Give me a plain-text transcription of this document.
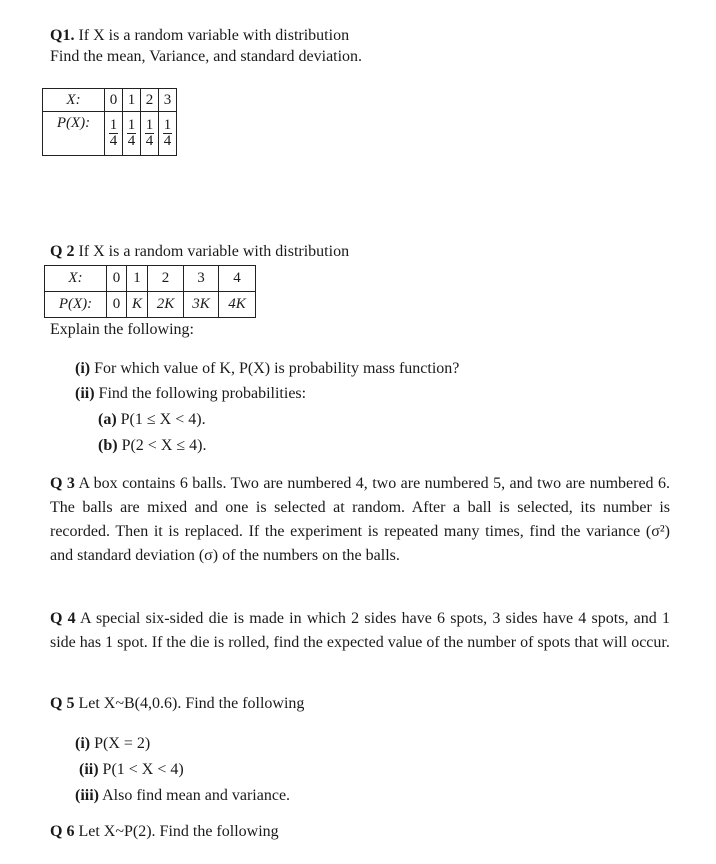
Q1. If X is a random variable with distribution
Find the mean, Variance, and standard deviation.
X:	0	1	2	3
P(X):	$\frac{1}{4}$	$\frac{1}{4}$	$\frac{1}{4}$	$\frac{1}{4}$
Q 2 If X is a random variable with distribution
X:	0	1	2	3	4
P(X):	0	K	2K	3K	4K
Explain the following:
(i) For which value of K, P(X) is probability mass function?
(ii) Find the following probabilities:
(a) P(1 ≤ X < 4).
(b) P(2 < X ≤ 4).
Q 3 A box contains 6 balls. Two are numbered 4, two are numbered 5, and two are numbered 6. The balls are mixed and one is selected at random. After a ball is selected, its number is recorded. Then it is replaced. If the experiment is repeated many times, find the variance (σ²) and standard deviation (σ) of the numbers on the balls.
Q 4 A special six-sided die is made in which 2 sides have 6 spots, 3 sides have 4 spots, and 1 side has 1 spot. If the die is rolled, find the expected value of the number of spots that will occur.
Q 5 Let X~B(4,0.6). Find the following
(i) P(X = 2)
(ii) P(1 < X < 4)
(iii) Also find mean and variance.
Q 6 Let X~P(2). Find the following
